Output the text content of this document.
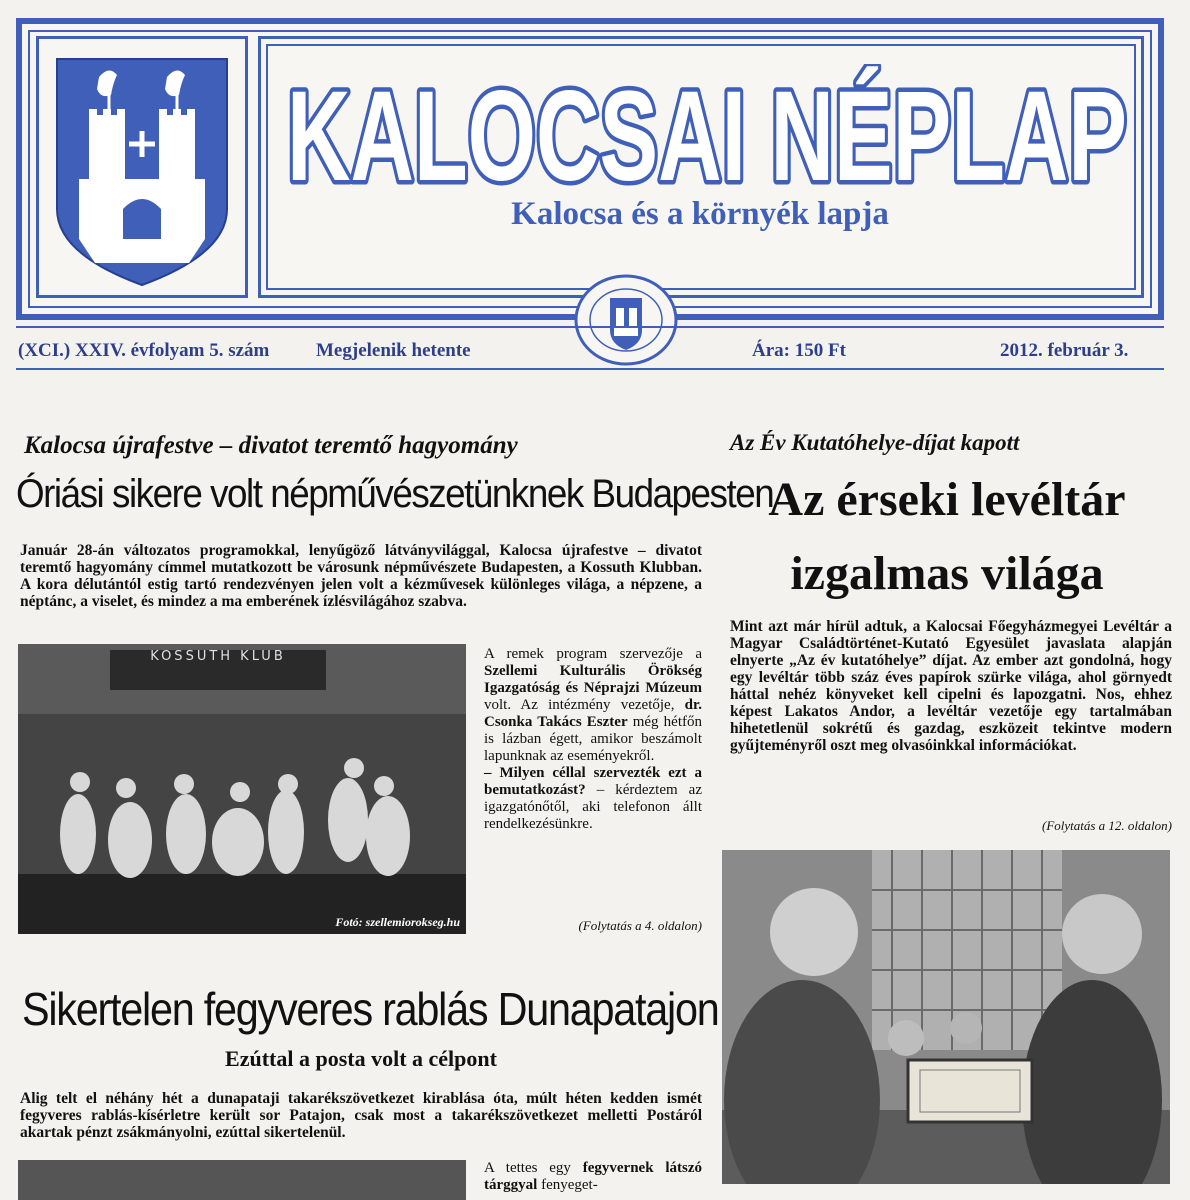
KALOCSAI NÉPLAP
Kalocsa és a környék lapja
(XCI.) XXIV. évfolyam 5. szám Megjelenik hetente	Ára: 150 Ft	2012. február 3.
Kalocsa újrafestve – divatot teremtő hagyomány
Óriási sikere volt népművészetünknek Budapesten
Január 28-án változatos programokkal, lenyűgöző látványvilággal, Kalocsa újrafestve – divatot teremtő hagyomány címmel mutatkozott be városunk népművészete Budapesten, a Kossuth Klubban. A kora délutántól estig tartó rendezvényen jelen volt a kézművesek különleges világa, a népzene, a néptánc, a viselet, és mindez a ma emberének ízlésvilágához szabva.
KOSSUTH KLUB
Fotó: szellemiorokseg.hu
A remek program szervezője a Szellemi Kulturális Örökség Igazgatóság és Néprajzi Múzeum volt. Az intézmény vezetője, dr. Csonka Takács Eszter még hétfőn is lázban égett, amikor beszámolt lapunknak az eseményekről.
– Milyen céllal szervezték ezt a bemutatkozást? – kérdeztem az igazgatónőtől, aki telefonon állt rendelkezésünkre.
(Folytatás a 4. oldalon)
Sikertelen fegyveres rablás Dunapatajon
Ezúttal a posta volt a célpont
Alig telt el néhány hét a dunapataji takarékszövetkezet kirablása óta, múlt héten kedden ismét fegyveres rablás-kísérletre került sor Patajon, csak most a takarékszövetkezet melletti Postáról akartak pénzt zsákmányolni, ezúttal sikertelenül.
A tettes egy fegyvernek látszó tárggyal fenyeget-
Az Év Kutatóhelye-díjat kapott
Az érseki levéltár
izgalmas világa
Mint azt már hírül adtuk, a Kalocsai Főegyházmegyei Levéltár a Magyar Családtörténet-Kutató Egyesület javaslata alapján elnyerte „Az év kutatóhelye” díjat. Az ember azt gondolná, hogy egy levéltár több száz éves papírok szürke világa, ahol görnyedt háttal nehéz könyveket kell cipelni és lapozgatni. Nos, ehhez képest Lakatos Andor, a levéltár vezetője egy tartalmában hihetetlenül sokrétű és gazdag, eszközeit tekintve modern gyűjteményről oszt meg olvasóinkkal információkat.
(Folytatás a 12. oldalon)
